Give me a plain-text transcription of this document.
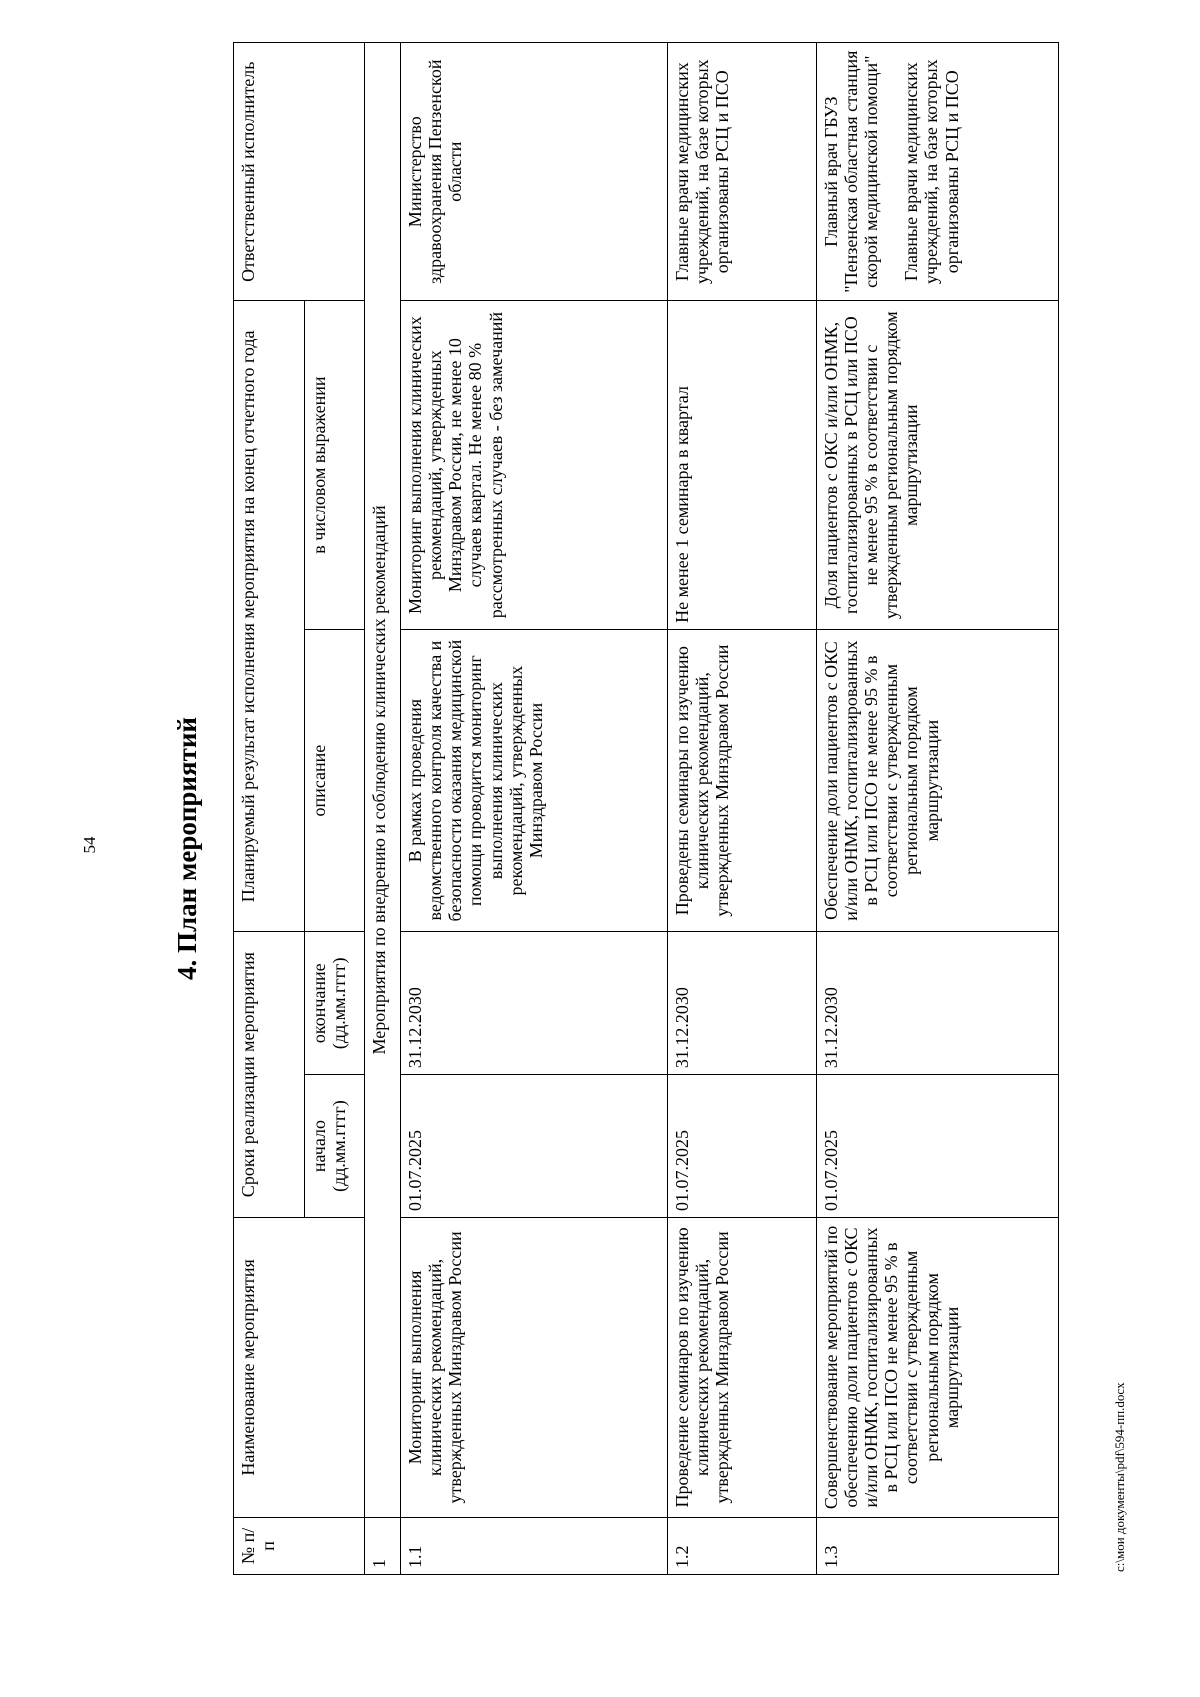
54	4. План мероприятий
№ п/п	Наименование мероприятия	Сроки реализации мероприятия		Планируемый результат исполнения мероприятия на конец отчетного года		Ответственный исполнитель
		начало (дд.мм.гггг)	окончание (дд.мм.гггг)	описание	в числовом выражении	
1	Мероприятия по внедрению и соблюдению клинических рекомендаций					
1.1	Мониторинг выполнения клинических рекомендаций, утвержденных Минздравом России	01.07.2025	31.12.2030	В рамках проведения ведомственного контроля качества и безопасности оказания медицинской помощи проводится мониторинг выполнения клинических рекомендаций, утвержденных Минздравом России	Мониторинг выполнения клинических рекомендаций, утвержденных Минздравом России, не менее 10 случаев квартал. Не менее 80 % рассмотренных случаев - без замечаний	Министерство здравоохранения Пензенской области
1.2	Проведение семинаров по изучению клинических рекомендаций, утвержденных Минздравом России	01.07.2025	31.12.2030	Проведены семинары по изучению клинических рекомендаций, утвержденных Минздравом России	Не менее 1 семинара в квартал	Главные врачи медицинских учреждений, на базе которых организованы РСЦ и ПСО
1.3	Совершенствование мероприятий по обеспечению доли пациентов с ОКС и/или ОНМК, госпитализированных в РСЦ или ПСО не менее 95 % в соответствии с утвержденным региональным порядком маршрутизации	01.07.2025	31.12.2030	Обеспечение доли пациентов с ОКС и/или ОНМК, госпитализированных в РСЦ или ПСО не менее 95 % в соответствии с утвержденным региональным порядком маршрутизации	Доля пациентов с ОКС и/или ОНМК, госпитализированных в РСЦ или ПСО не менее 95 % в соответствии с утвержденным региональным порядком маршрутизации	Главный врач ГБУЗ "Пензенская областная станция скорой медицинской помощи" Главные врачи медицинских учреждений, на базе которых организованы РСЦ и ПСО
c:\мои документы\pdf\594-пп.docx
